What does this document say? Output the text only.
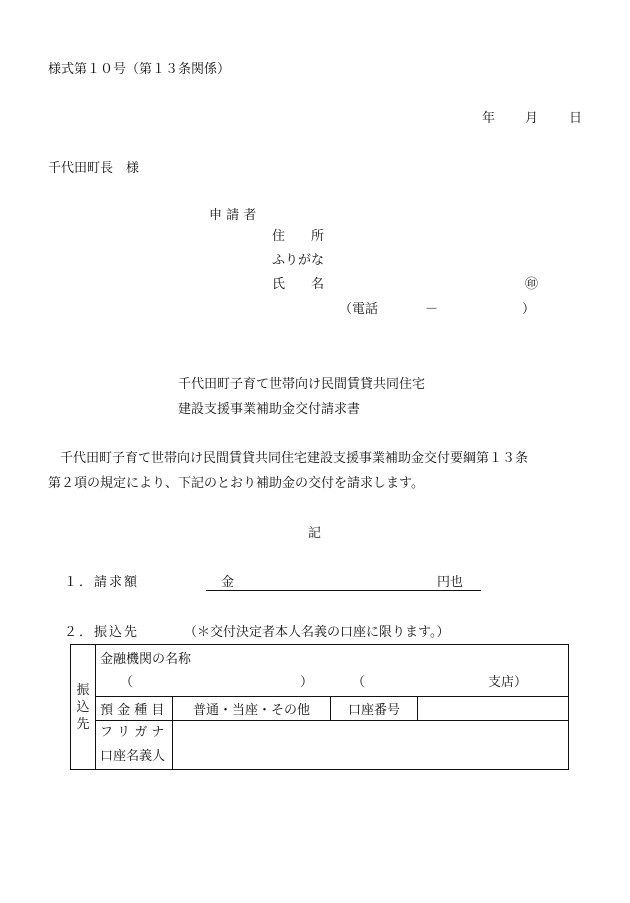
様式第１０号（第１３条関係）
年 月 日
千代田町長　様
申 請 者
住　　所
ふりがな
氏　　名	㊞
（電話	－	）
千代田町子育て世帯向け民間賃貸共同住宅
建設支援事業補助金交付請求書
千代田町子育て世帯向け民間賃貸共同住宅建設支援事業補助金交付要綱第１３条
第２項の規定により、下記のとおり補助金の交付を請求します。
記
１．請求額	金	円也
２．振込先	（＊交付決定者本人名義の口座に限ります。）
振込先	金融機関の名称			

	（ ） （ 支店）			

	預 金 種 目	普通・当座・その他	口座番号	

	フ リ ガ ナ
口座名義人			
